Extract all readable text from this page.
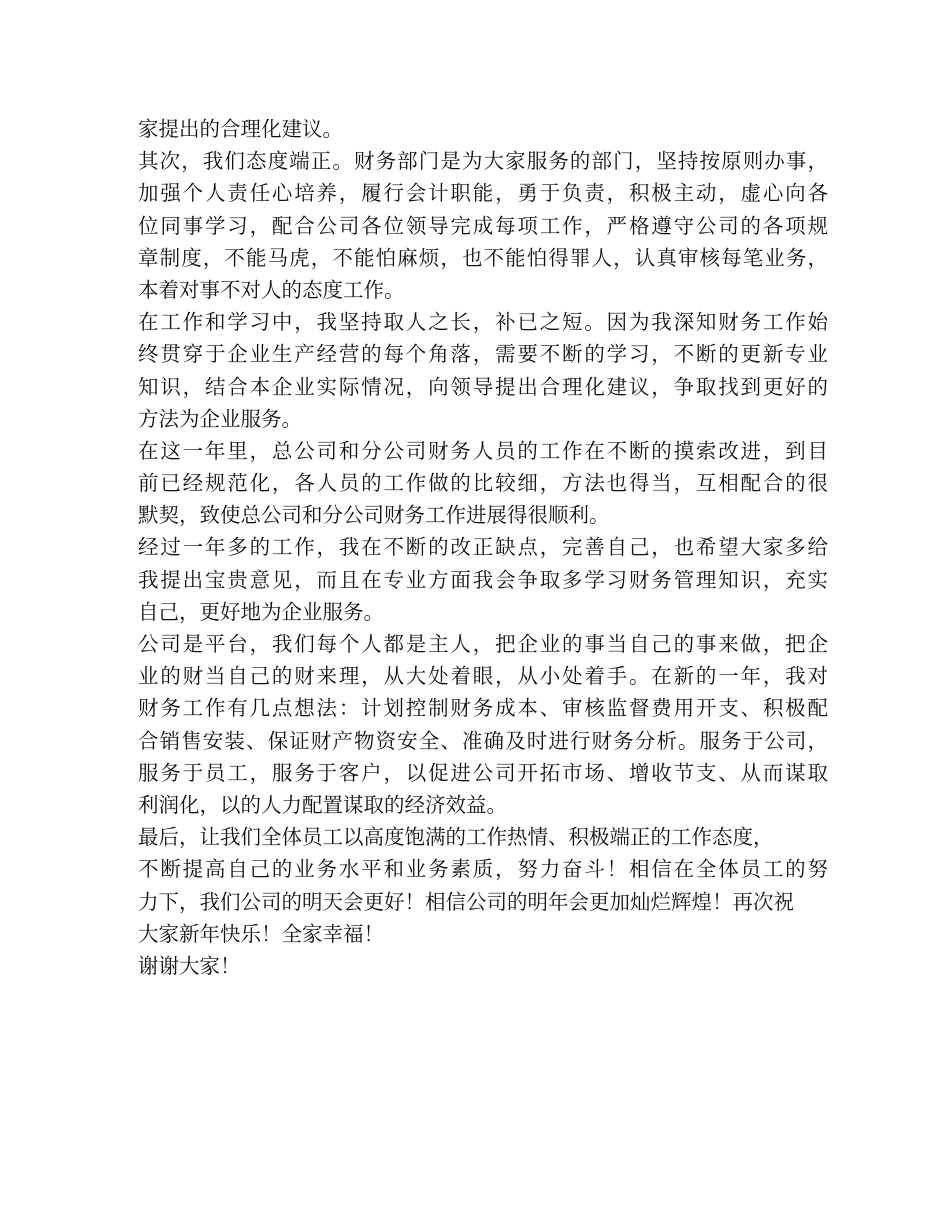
家提出的合理化建议。
其次，我们态度端正。财务部门是为大家服务的部门，坚持按原则办事，
加强个人责任心培养，履行会计职能，勇于负责，积极主动，虚心向各
位同事学习，配合公司各位领导完成每项工作，严格遵守公司的各项规
章制度，不能马虎，不能怕麻烦，也不能怕得罪人，认真审核每笔业务，
本着对事不对人的态度工作。
在工作和学习中，我坚持取人之长，补已之短。因为我深知财务工作始
终贯穿于企业生产经营的每个角落，需要不断的学习，不断的更新专业
知识，结合本企业实际情况，向领导提出合理化建议，争取找到更好的
方法为企业服务。
在这一年里，总公司和分公司财务人员的工作在不断的摸索改进，到目
前已经规范化，各人员的工作做的比较细，方法也得当，互相配合的很
默契，致使总公司和分公司财务工作进展得很顺利。
经过一年多的工作，我在不断的改正缺点，完善自己，也希望大家多给
我提出宝贵意见，而且在专业方面我会争取多学习财务管理知识，充实
自己，更好地为企业服务。
公司是平台，我们每个人都是主人，把企业的事当自己的事来做，把企
业的财当自己的财来理，从大处着眼，从小处着手。在新的一年，我对
财务工作有几点想法：计划控制财务成本、审核监督费用开支、积极配
合销售安装、保证财产物资安全、准确及时进行财务分析。服务于公司，
服务于员工，服务于客户，以促进公司开拓市场、增收节支、从而谋取
利润化，以的人力配置谋取的经济效益。
最后，让我们全体员工以高度饱满的工作热情、积极端正的工作态度，
不断提高自己的业务水平和业务素质，努力奋斗！相信在全体员工的努
力下，我们公司的明天会更好！相信公司的明年会更加灿烂辉煌！再次祝
大家新年快乐！全家幸福！
谢谢大家！
